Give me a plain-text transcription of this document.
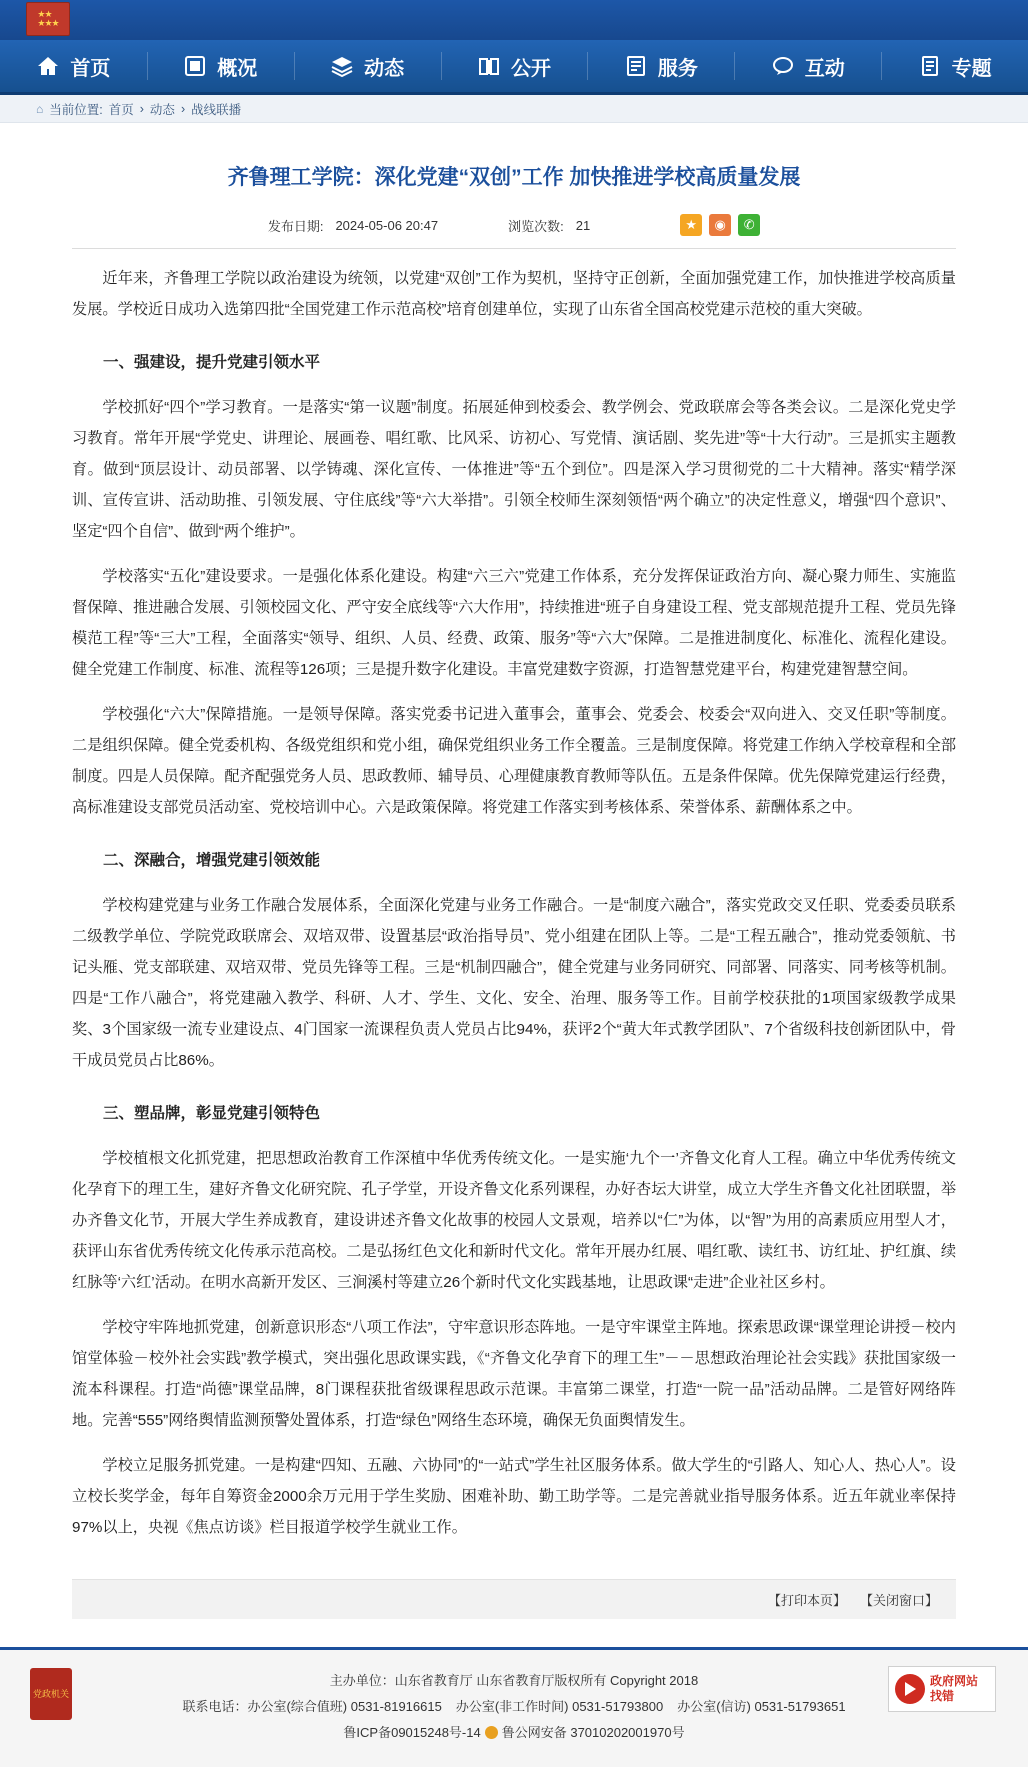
★★
★★★
首页	概况	动态	公开	服务	互动	专题
⌂ 当前位置: 首页 › 动态 › 战线联播
齐鲁理工学院：深化党建“双创”工作 加快推进学校高质量发展
发布日期: 2024-05-06 20:47	浏览次数: 21	★	◉	✆

近年来，齐鲁理工学院以政治建设为统领，以党建“双创”工作为契机，坚持守正创新，全面加强党建工作，加快推进学校高质量发展。学校近日成功入选第四批“全国党建工作示范高校”培育创建单位，实现了山东省全国高校党建示范校的重大突破。

一、强建设，提升党建引领水平

学校抓好“四个”学习教育。一是落实“第一议题”制度。拓展延伸到校委会、教学例会、党政联席会等各类会议。二是深化党史学习教育。常年开展“学党史、讲理论、展画卷、唱红歌、比风采、访初心、写党情、演话剧、奖先进”等“十大行动”。三是抓实主题教育。做到“顶层设计、动员部署、以学铸魂、深化宣传、一体推进”等“五个到位”。四是深入学习贯彻党的二十大精神。落实“精学深训、宣传宣讲、活动助推、引领发展、守住底线”等“六大举措”。引领全校师生深刻领悟“两个确立”的决定性意义，增强“四个意识”、坚定“四个自信”、做到“两个维护”。

学校落实“五化”建设要求。一是强化体系化建设。构建“六三六”党建工作体系，充分发挥保证政治方向、凝心聚力师生、实施监督保障、推进融合发展、引领校园文化、严守安全底线等“六大作用”，持续推进“班子自身建设工程、党支部规范提升工程、党员先锋模范工程”等“三大”工程，全面落实“领导、组织、人员、经费、政策、服务”等“六大”保障。二是推进制度化、标准化、流程化建设。健全党建工作制度、标准、流程等126项；三是提升数字化建设。丰富党建数字资源，打造智慧党建平台，构建党建智慧空间。

学校强化“六大”保障措施。一是领导保障。落实党委书记进入董事会，董事会、党委会、校委会“双向进入、交叉任职”等制度。二是组织保障。健全党委机构、各级党组织和党小组，确保党组织业务工作全覆盖。三是制度保障。将党建工作纳入学校章程和全部制度。四是人员保障。配齐配强党务人员、思政教师、辅导员、心理健康教育教师等队伍。五是条件保障。优先保障党建运行经费，高标准建设支部党员活动室、党校培训中心。六是政策保障。将党建工作落实到考核体系、荣誉体系、薪酬体系之中。

二、深融合，增强党建引领效能

学校构建党建与业务工作融合发展体系，全面深化党建与业务工作融合。一是“制度六融合”，落实党政交叉任职、党委委员联系二级教学单位、学院党政联席会、双培双带、设置基层“政治指导员”、党小组建在团队上等。二是“工程五融合”，推动党委领航、书记头雁、党支部联建、双培双带、党员先锋等工程。三是“机制四融合”，健全党建与业务同研究、同部署、同落实、同考核等机制。四是“工作八融合”，将党建融入教学、科研、人才、学生、文化、安全、治理、服务等工作。目前学校获批的1项国家级教学成果奖、3个国家级一流专业建设点、4门国家一流课程负责人党员占比94%，获评2个“黄大年式教学团队”、7个省级科技创新团队中，骨干成员党员占比86%。

三、塑品牌，彰显党建引领特色

学校植根文化抓党建，把思想政治教育工作深植中华优秀传统文化。一是实施‘九个一’齐鲁文化育人工程。确立中华优秀传统文化孕育下的理工生，建好齐鲁文化研究院、孔子学堂，开设齐鲁文化系列课程，办好杏坛大讲堂，成立大学生齐鲁文化社团联盟，举办齐鲁文化节，开展大学生养成教育，建设讲述齐鲁文化故事的校园人文景观，培养以“仁”为体，以“智”为用的高素质应用型人才，获评山东省优秀传统文化传承示范高校。二是弘扬红色文化和新时代文化。常年开展办红展、唱红歌、读红书、访红址、护红旗、续红脉等‘六红’活动。在明水高新开发区、三涧溪村等建立26个新时代文化实践基地，让思政课“走进”企业社区乡村。

学校守牢阵地抓党建，创新意识形态“八项工作法”，守牢意识形态阵地。一是守牢课堂主阵地。探索思政课“课堂理论讲授－校内馆堂体验－校外社会实践”教学模式，突出强化思政课实践，《“齐鲁文化孕育下的理工生”－－思想政治理论社会实践》获批国家级一流本科课程。打造“尚德”课堂品牌，8门课程获批省级课程思政示范课。丰富第二课堂，打造“一院一品”活动品牌。二是管好网络阵地。完善“555”网络舆情监测预警处置体系，打造“绿色”网络生态环境，确保无负面舆情发生。

学校立足服务抓党建。一是构建“四知、五融、六协同”的“一站式”学生社区服务体系。做大学生的“引路人、知心人、热心人”。设立校长奖学金，每年自筹资金2000余万元用于学生奖励、困难补助、勤工助学等。二是完善就业指导服务体系。近五年就业率保持97%以上，央视《焦点访谈》栏目报道学校学生就业工作。

【打印本页】 【关闭窗口】
党政机关
主办单位：山东省教育厅 山东省教育厅版权所有 Copyright 2018
联系电话：办公室(综合值班) 0531-81916615 办公室(非工作时间) 0531-51793800 办公室(信访) 0531-51793651
鲁ICP备09015248号-14 鲁公网安备 37010202001970号
政府网站
找错
